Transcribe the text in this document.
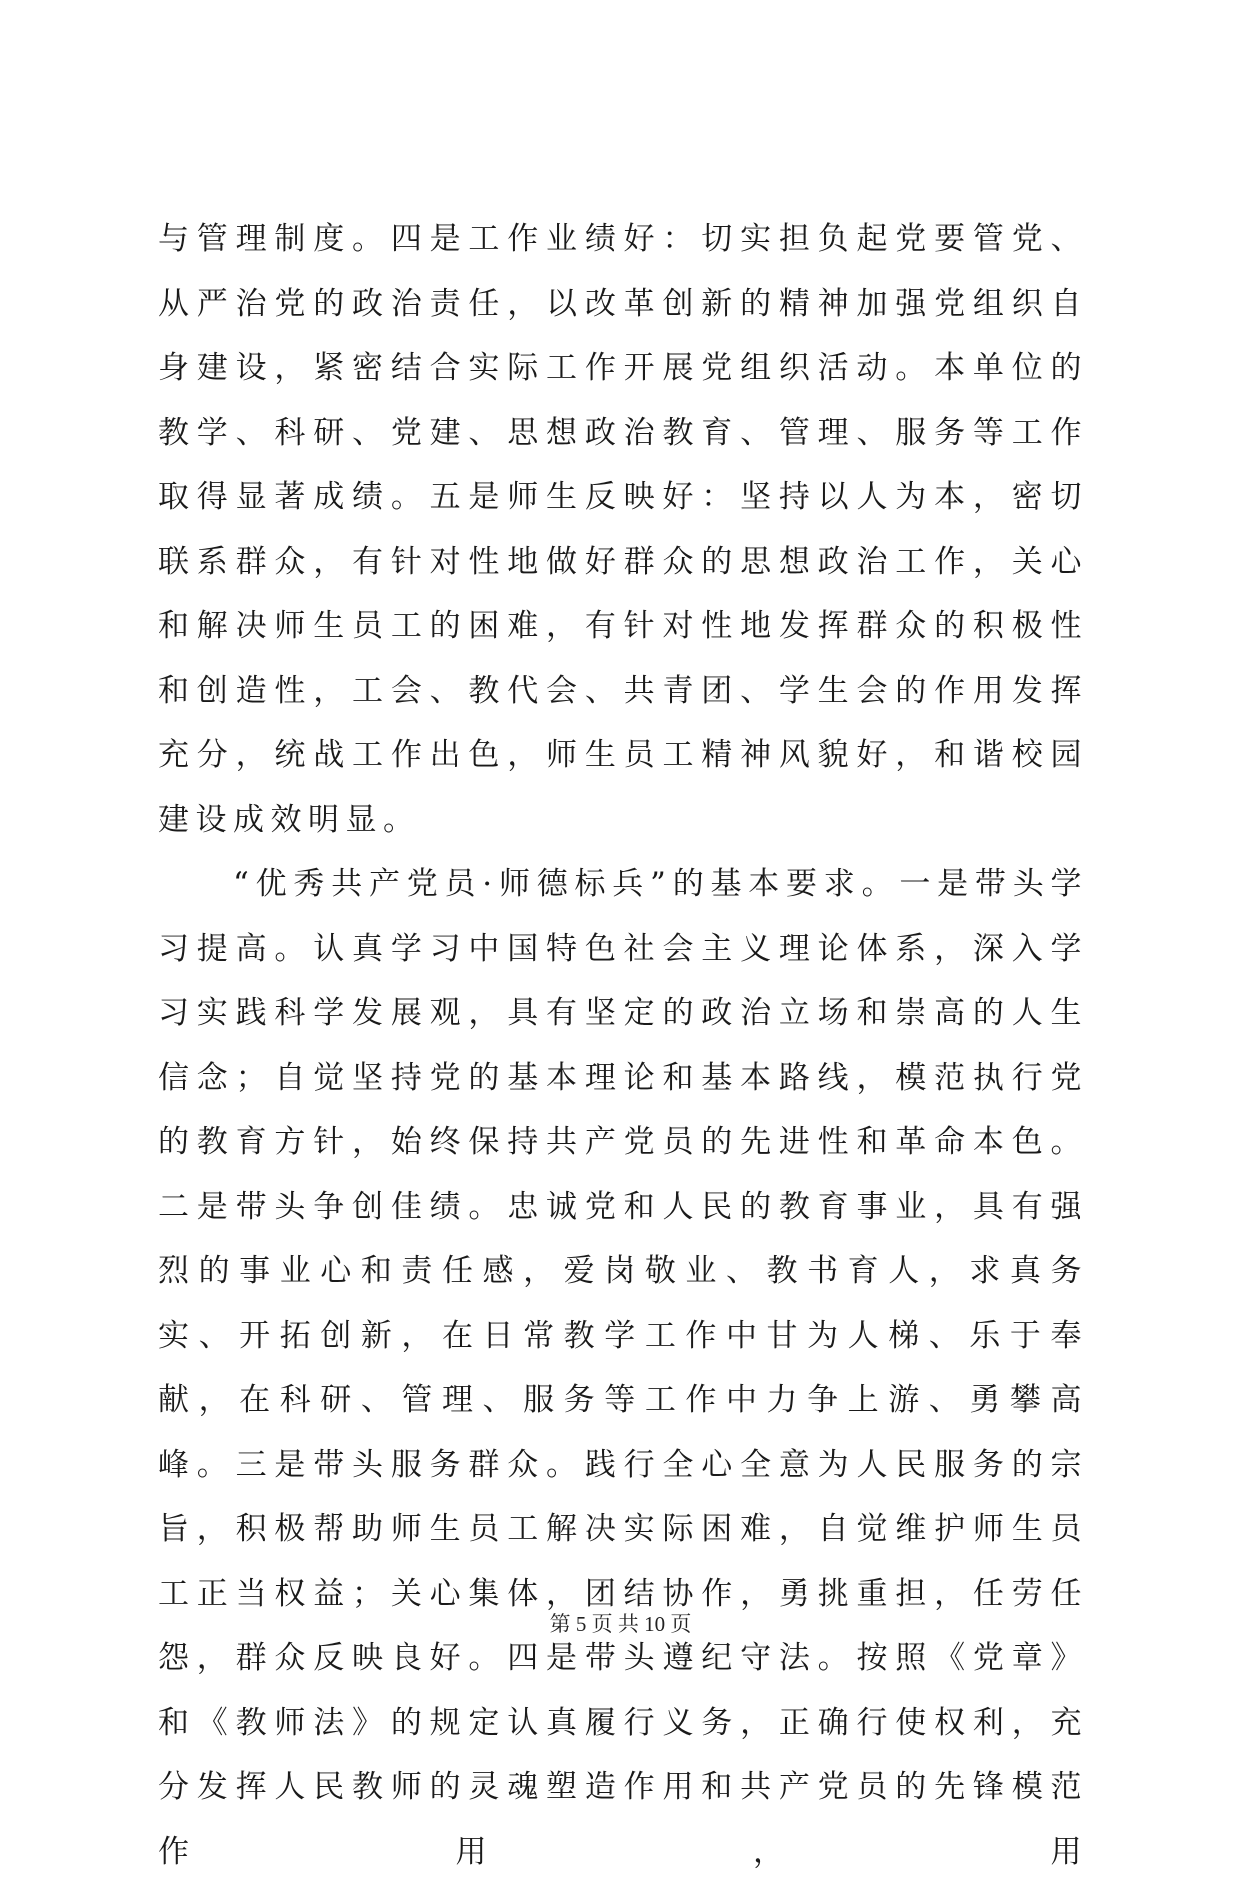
与管理制度。四是工作业绩好：切实担负起党要管党、从严治党的政治责任，以改革创新的精神加强党组织自身建设，紧密结合实际工作开展党组织活动。本单位的教学、科研、党建、思想政治教育、管理、服务等工作取得显著成绩。五是师生反映好：坚持以人为本，密切联系群众，有针对性地做好群众的思想政治工作，关心和解决师生员工的困难，有针对性地发挥群众的积极性和创造性，工会、教代会、共青团、学生会的作用发挥充分，统战工作出色，师生员工精神风貌好，和谐校园建设成效明显。

“优秀共产党员·师德标兵”的基本要求。一是带头学习提高。认真学习中国特色社会主义理论体系，深入学习实践科学发展观，具有坚定的政治立场和崇高的人生信念；自觉坚持党的基本理论和基本路线，模范执行党的教育方针，始终保持共产党员的先进性和革命本色。二是带头争创佳绩。忠诚党和人民的教育事业，具有强烈的事业心和责任感，爱岗敬业、教书育人，求真务实、开拓创新，在日常教学工作中甘为人梯、乐于奉献，在科研、管理、服务等工作中力争上游、勇攀高峰。三是带头服务群众。践行全心全意为人民服务的宗旨，积极帮助师生员工解决实际困难，自觉维护师生员工正当权益；关心集体，团结协作，勇挑重担，任劳任怨，群众反映良好。四是带头遵纪守法。按照《党章》和《教师法》的规定认真履行义务，正确行使权利，充分发挥人民教师的灵魂塑造作用和共产党员的先锋模范作用，用

第 5 页 共 10 页
